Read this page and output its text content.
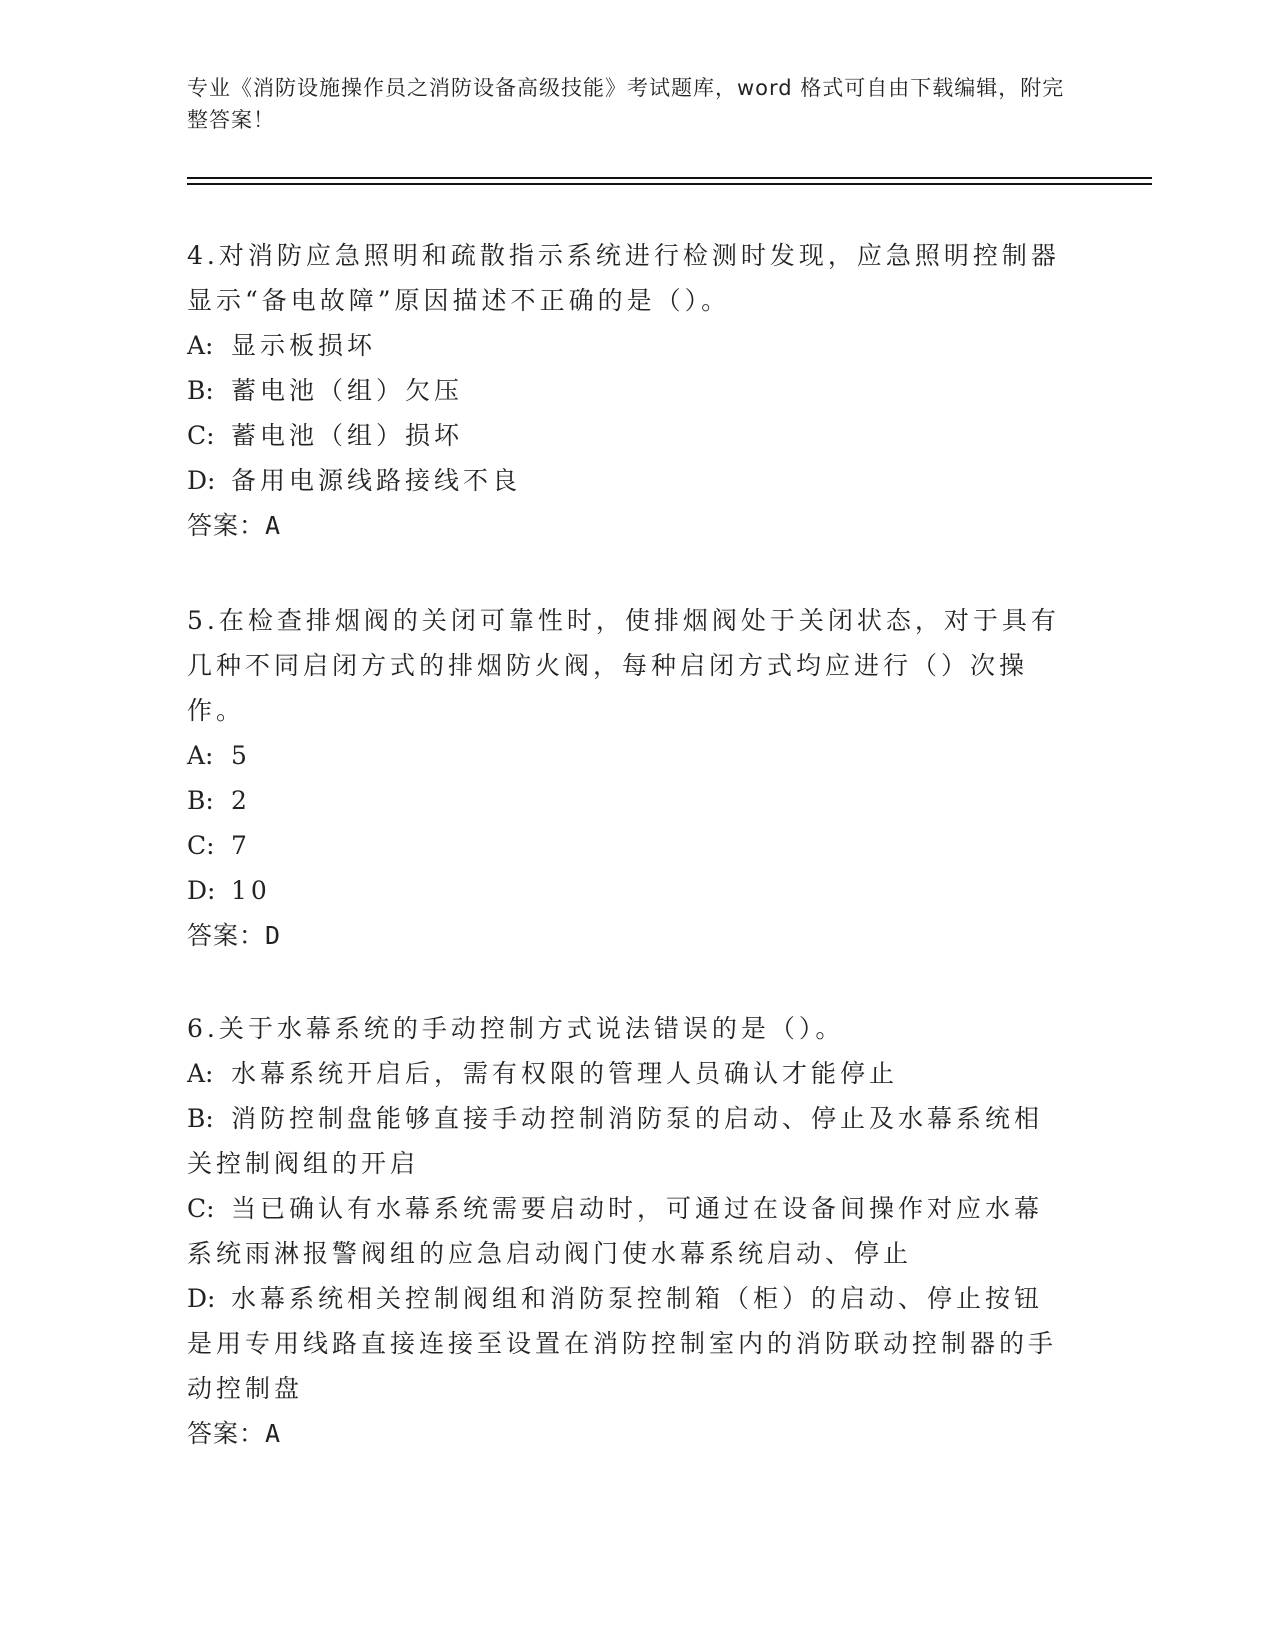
专业《消防设施操作员之消防设备高级技能》考试题库，word 格式可自由下载编辑，附完整答案！

4.对消防应急照明和疏散指示系统进行检测时发现，应急照明控制器显示“备电故障”原因描述不正确的是（）。

A: 显示板损坏

B: 蓄电池（组）欠压

C: 蓄电池（组）损坏

D: 备用电源线路接线不良

答案：A

5.在检查排烟阀的关闭可靠性时，使排烟阀处于关闭状态，对于具有几种不同启闭方式的排烟防火阀，每种启闭方式均应进行（）次操作。

A: 5

B: 2

C: 7

D: 10

答案：D

6.关于水幕系统的手动控制方式说法错误的是（）。

A: 水幕系统开启后，需有权限的管理人员确认才能停止

B: 消防控制盘能够直接手动控制消防泵的启动、停止及水幕系统相关控制阀组的开启

C: 当已确认有水幕系统需要启动时，可通过在设备间操作对应水幕系统雨淋报警阀组的应急启动阀门使水幕系统启动、停止

D: 水幕系统相关控制阀组和消防泵控制箱（柜）的启动、停止按钮是用专用线路直接连接至设置在消防控制室内的消防联动控制器的手动控制盘

答案：A
